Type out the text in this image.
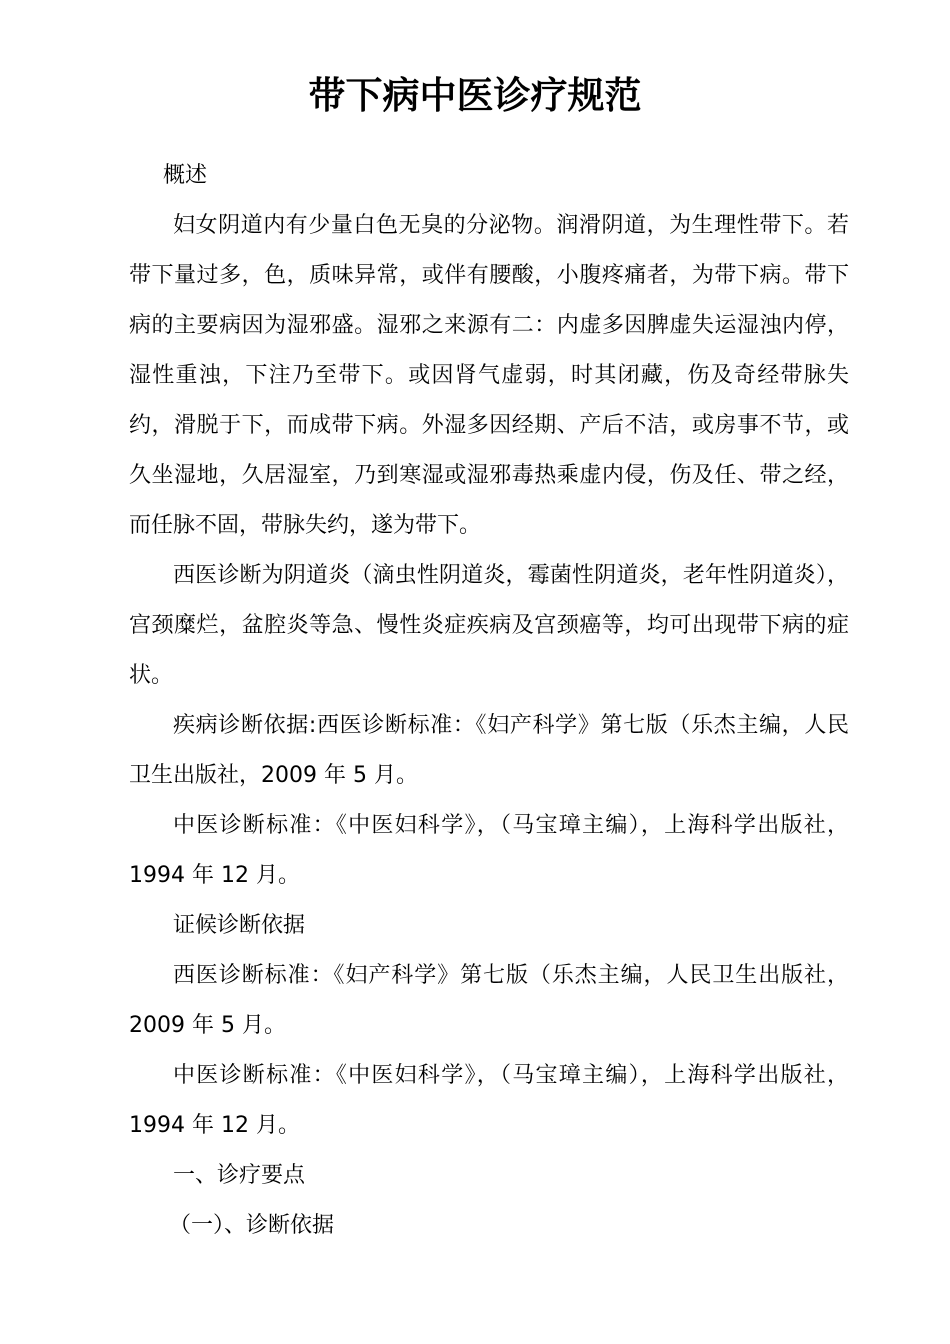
带下病中医诊疗规范

概述

妇女阴道内有少量白色无臭的分泌物。润滑阴道，为生理性带下。若带下量过多，色，质味异常，或伴有腰酸，小腹疼痛者，为带下病。带下病的主要病因为湿邪盛。湿邪之来源有二：内虚多因脾虚失运湿浊内停，湿性重浊，下注乃至带下。或因肾气虚弱，时其闭藏，伤及奇经带脉失约，滑脱于下，而成带下病。外湿多因经期、产后不洁，或房事不节，或久坐湿地，久居湿室，乃到寒湿或湿邪毒热乘虚内侵，伤及任、带之经，而任脉不固，带脉失约，遂为带下。

西医诊断为阴道炎（滴虫性阴道炎，霉菌性阴道炎，老年性阴道炎），宫颈糜烂，盆腔炎等急、慢性炎症疾病及宫颈癌等，均可出现带下病的症状。

疾病诊断依据:西医诊断标准：《妇产科学》第七版（乐杰主编，人民卫生出版社，2009 年 5 月。

中医诊断标准：《中医妇科学》，（马宝璋主编），上海科学出版社，1994 年 12 月。

证候诊断依据

西医诊断标准：《妇产科学》第七版（乐杰主编，人民卫生出版社，2009 年 5 月。

中医诊断标准：《中医妇科学》，（马宝璋主编），上海科学出版社，1994 年 12 月。

一、诊疗要点

（一）、诊断依据
